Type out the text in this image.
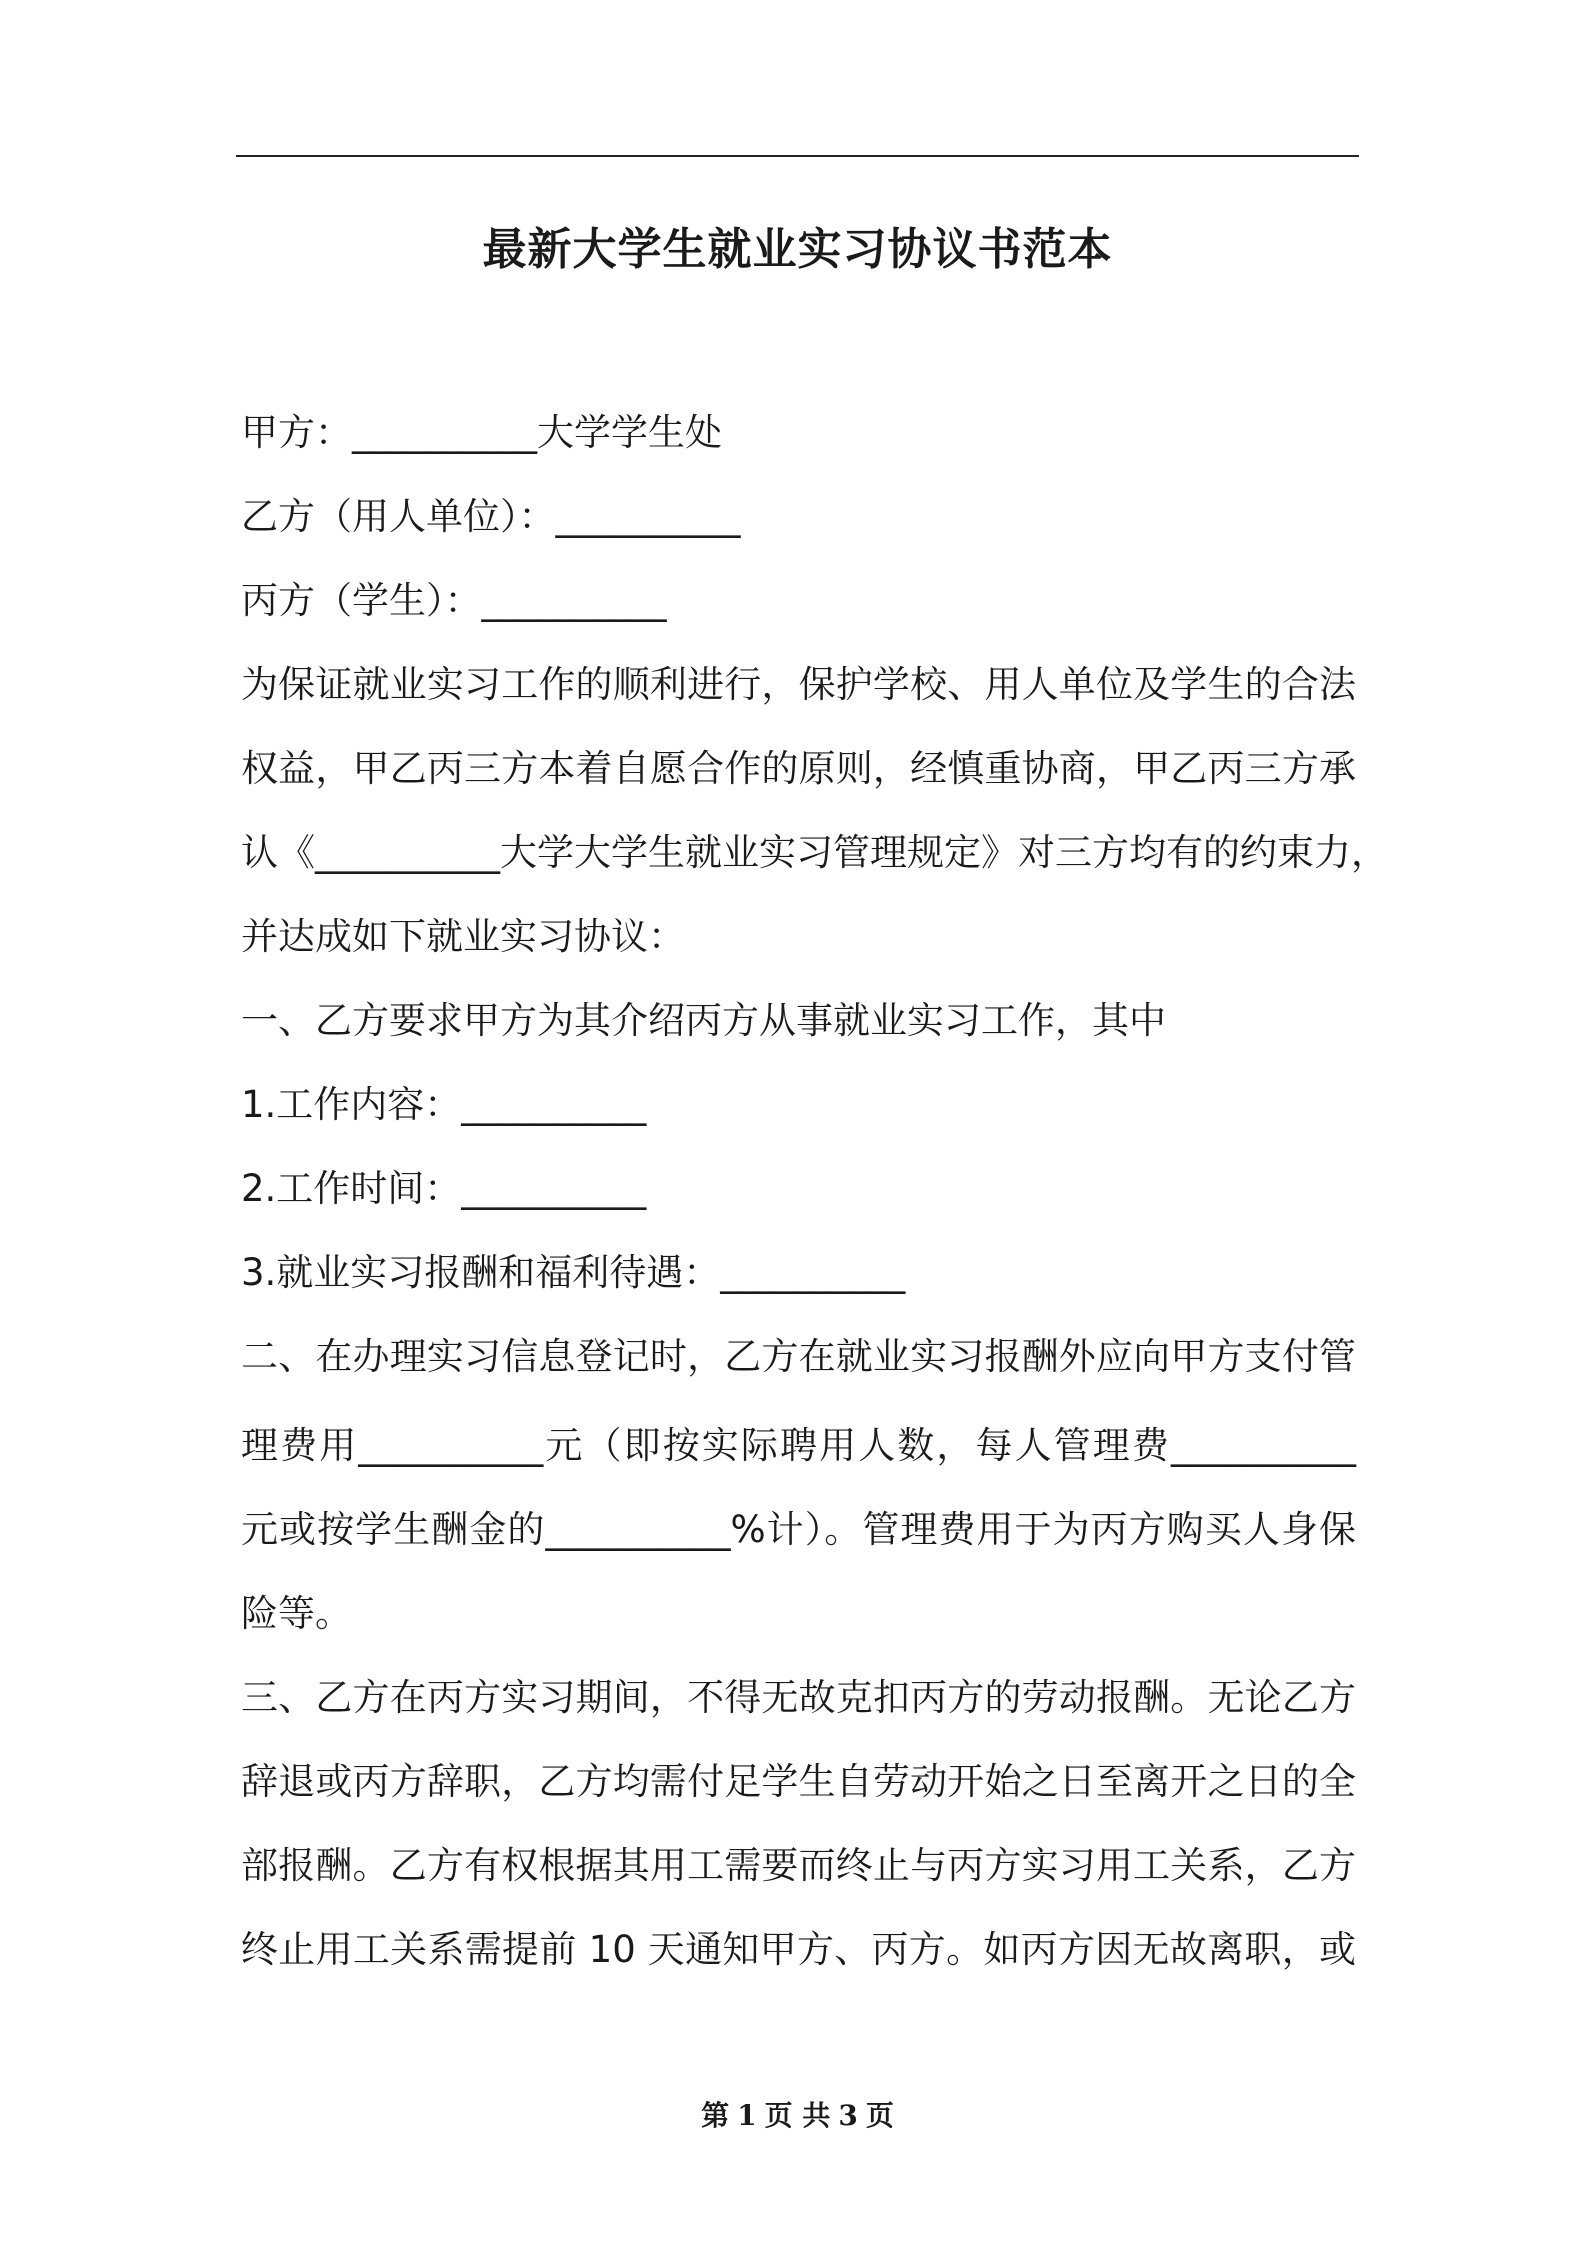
最新大学生就业实习协议书范本
甲方：__________大学学生处
乙方（用人单位）：__________
丙方（学生）：__________
为保证就业实习工作的顺利进行，保护学校、用人单位及学生的合法
权益，甲乙丙三方本着自愿合作的原则，经慎重协商，甲乙丙三方承
认《__________大学大学生就业实习管理规定》对三方均有的约束力，
并达成如下就业实习协议：
一、乙方要求甲方为其介绍丙方从事就业实习工作，其中
1.工作内容：__________
2.工作时间：__________
3.就业实习报酬和福利待遇：__________
二、在办理实习信息登记时，乙方在就业实习报酬外应向甲方支付管
理费用__________元（即按实际聘用人数，每人管理费__________
元或按学生酬金的__________%计）。管理费用于为丙方购买人身保
险等。
三、乙方在丙方实习期间，不得无故克扣丙方的劳动报酬。无论乙方
辞退或丙方辞职，乙方均需付足学生自劳动开始之日至离开之日的全
部报酬。乙方有权根据其用工需要而终止与丙方实习用工关系，乙方
终止用工关系需提前 10 天通知甲方、丙方。如丙方因无故离职，或
第 1 页 共 3 页
